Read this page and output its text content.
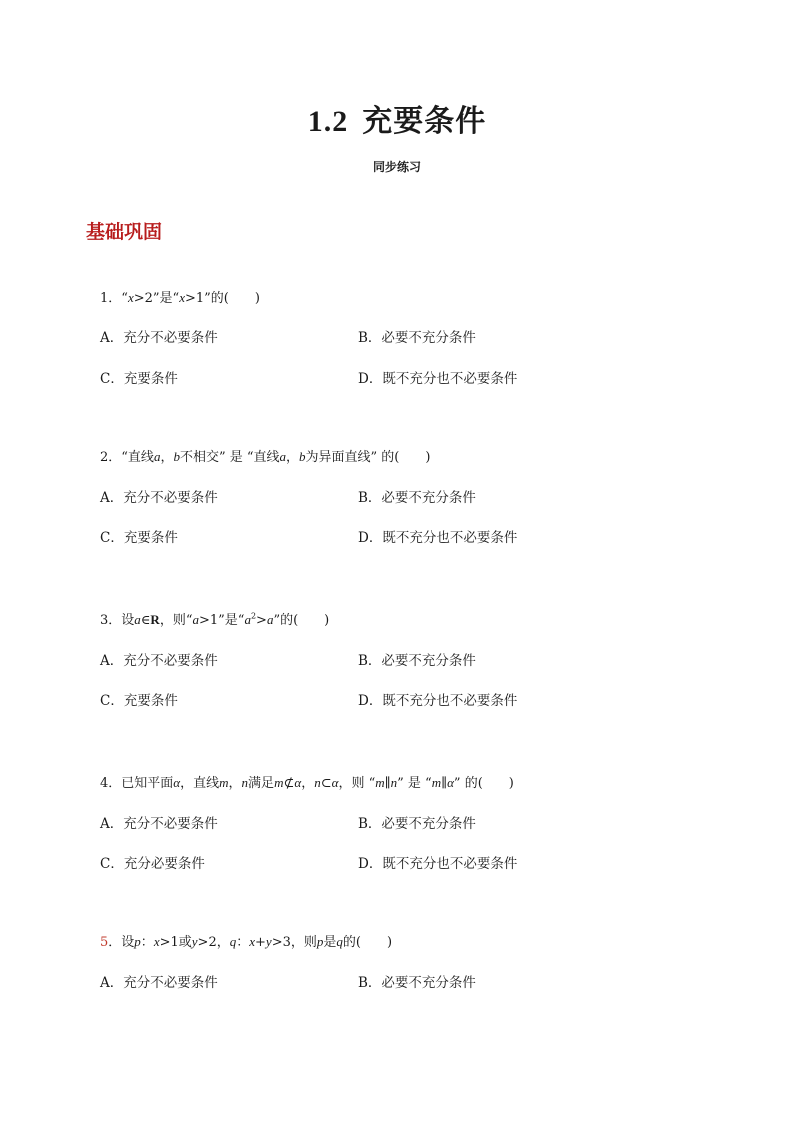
1.2 充要条件
同步练习
基础巩固
1．“x>2”是“x>1”的(　　)
A．充分不必要条件	B．必要不充分条件
C．充要条件	D．既不充分也不必要条件
2．“直线a，b不相交” 是 “直线a，b为异面直线” 的(　　)
A．充分不必要条件	B．必要不充分条件
C．充要条件	D．既不充分也不必要条件
3．设a∈R，则“a>1”是“$a^2>a$”的(　　)
A．充分不必要条件	B．必要不充分条件
C．充要条件	D．既不充分也不必要条件
4．已知平面α，直线m，n满足m⊄α，n⊂α，则 “m∥n” 是 “m∥α” 的(　　)
A．充分不必要条件	B．必要不充分条件
C．充分必要条件	D．既不充分也不必要条件
5．设p：x>1或y>2，q：x+y>3，则p是q的(　　)
A．充分不必要条件	B．必要不充分条件
